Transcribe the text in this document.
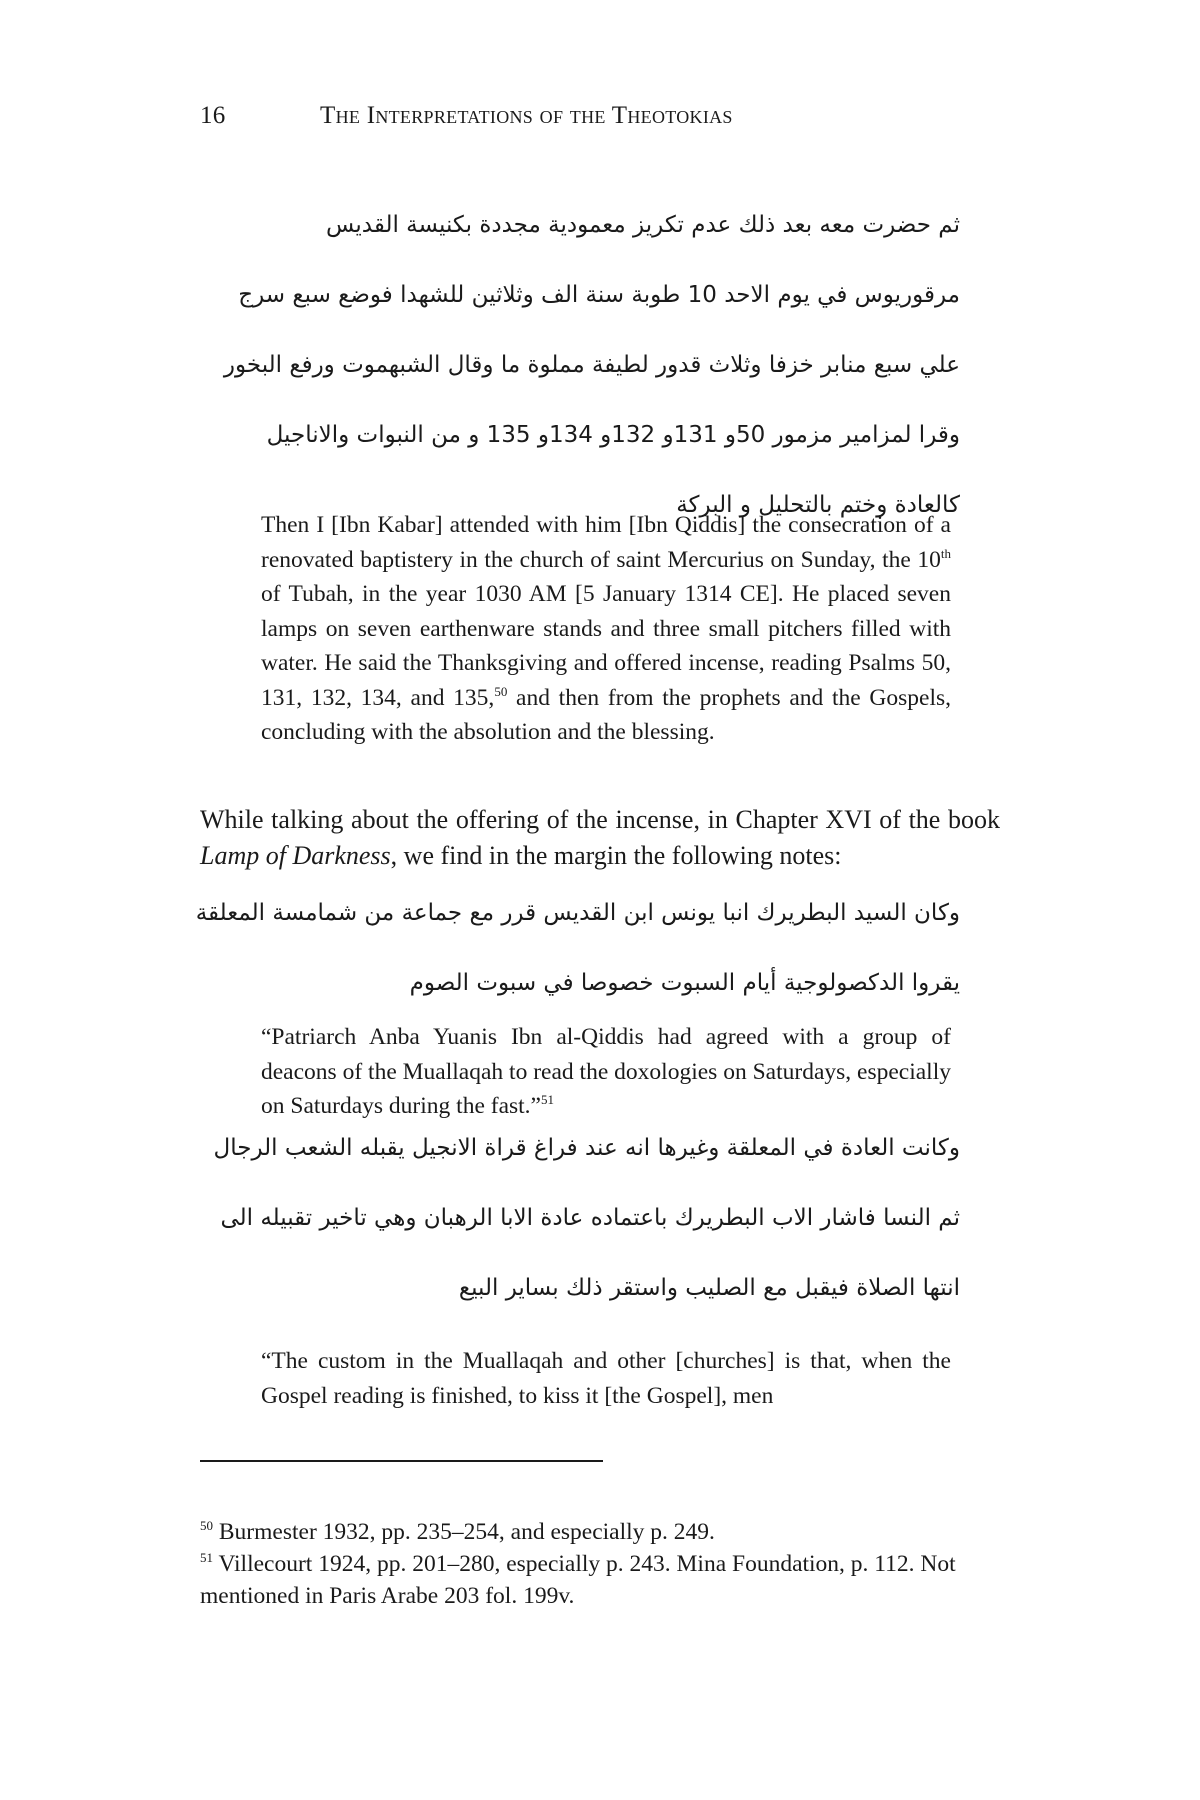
16	The Interpretations of the Theotokias
ثم حضرت معه بعد ذلك عدم تكريز معمودية مجددة بكنيسة القديس
مرقوريوس في يوم الاحد 10 طوبة سنة الف وثلاثين للشهدا فوضع سبع سرج
علي سبع منابر خزفا وثلاث قدور لطيفة مملوة ما وقال الشبهموت ورفع البخور
وقرا لمزامير مزمور 50و 131و 132و 134و 135 و من النبوات والاناجيل
كالعادة وختم بالتحليل و البركة
Then I [Ibn Kabar] attended with him [Ibn Qiddis] the consecration of a renovated baptistery in the church of saint Mercurius on Sunday, the 10th of Tubah, in the year 1030 AM [5 January 1314 CE]. He placed seven lamps on seven earthenware stands and three small pitchers filled with water. He said the Thanksgiving and offered incense, reading Psalms 50, 131, 132, 134, and 135,50 and then from the prophets and the Gospels, concluding with the absolution and the blessing.
While talking about the offering of the incense, in Chapter XVI of the book Lamp of Darkness, we find in the margin the following notes:
وكان السيد البطريرك انبا يونس ابن القديس قرر مع جماعة من شمامسة المعلقة
يقروا الدكصولوجية أيام السبوت خصوصا في سبوت الصوم
“Patriarch Anba Yuanis Ibn al-Qiddis had agreed with a group of deacons of the Muallaqah to read the doxologies on Saturdays, especially on Saturdays during the fast.”$^{51}$
وكانت العادة في المعلقة وغيرها انه عند فراغ قراة الانجيل يقبله الشعب الرجال
ثم النسا فاشار الاب البطريرك باعتماده عادة الابا الرهبان وهي تاخير تقبيله الى
انتها الصلاة فيقبل مع الصليب واستقر ذلك بساير البيع
“The custom in the Muallaqah and other [churches] is that, when the Gospel reading is finished, to kiss it [the Gospel], men

$^{50}$ Burmester 1932, pp. 235–254, and especially p. 249.

$^{51}$ Villecourt 1924, pp. 201–280, especially p. 243. Mina Foundation, p. 112. Not mentioned in Paris Arabe 203 fol. 199v.
